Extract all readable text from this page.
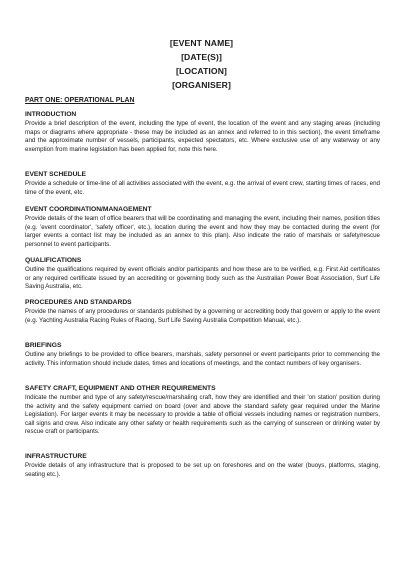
[EVENT NAME]
[DATE(S)]
[LOCATION]
[ORGANISER]
PART ONE: OPERATIONAL PLAN
INTRODUCTION

Provide a brief description of the event, including the type of event, the location of the event and any staging areas (including maps or diagrams where appropriate - these may be included as an annex and referred to in this section), the event timeframe and the approximate number of vessels, participants, expected spectators, etc. Where exclusive use of any waterway or any exemption from marine legislation has been applied for, note this here.

EVENT SCHEDULE

Provide a schedule or time-line of all activities associated with the event, e.g. the arrival of event crew, starting times of races, end time of the event, etc.

EVENT COORDINATION/MANAGEMENT

Provide details of the team of office bearers that will be coordinating and managing the event, including their names, position titles (e.g. 'event coordinator', 'safety officer', etc.), location during the event and how they may be contacted during the event (for larger events a contact list may be included as an annex to this plan). Also indicate the ratio of marshals or safety/rescue personnel to event participants.

QUALIFICATIONS

Outline the qualifications required by event officials and/or participants and how these are to be verified, e.g. First Aid certificates or any required certificate issued by an accrediting or governing body such as the Australian Power Boat Association, Surf Life Saving Australia, etc.

PROCEDURES AND STANDARDS

Provide the names of any procedures or standards published by a governing or accrediting body that govern or apply to the event (e.g. Yachting Australia Racing Rules of Racing, Surf Life Saving Australia Competition Manual, etc.).

BRIEFINGS

Outline any briefings to be provided to office bearers, marshals, safety personnel or event participants prior to commencing the activity. This information should include dates, times and locations of meetings, and the contact numbers of key organisers.

SAFETY CRAFT, EQUIPMENT AND OTHER REQUIREMENTS

Indicate the number and type of any safety/rescue/marshaling craft, how they are identified and their 'on station' position during the activity and the safety equipment carried on board (over and above the standard safety gear required under the Marine Legislation). For larger events it may be necessary to provide a table of official vessels including names or registration numbers, call signs and crew. Also indicate any other safety or health requirements such as the carrying of sunscreen or drinking water by rescue craft or participants.

INFRASTRUCTURE

Provide details of any infrastructure that is proposed to be set up on foreshores and on the water (buoys, platforms, staging, seating etc.).
